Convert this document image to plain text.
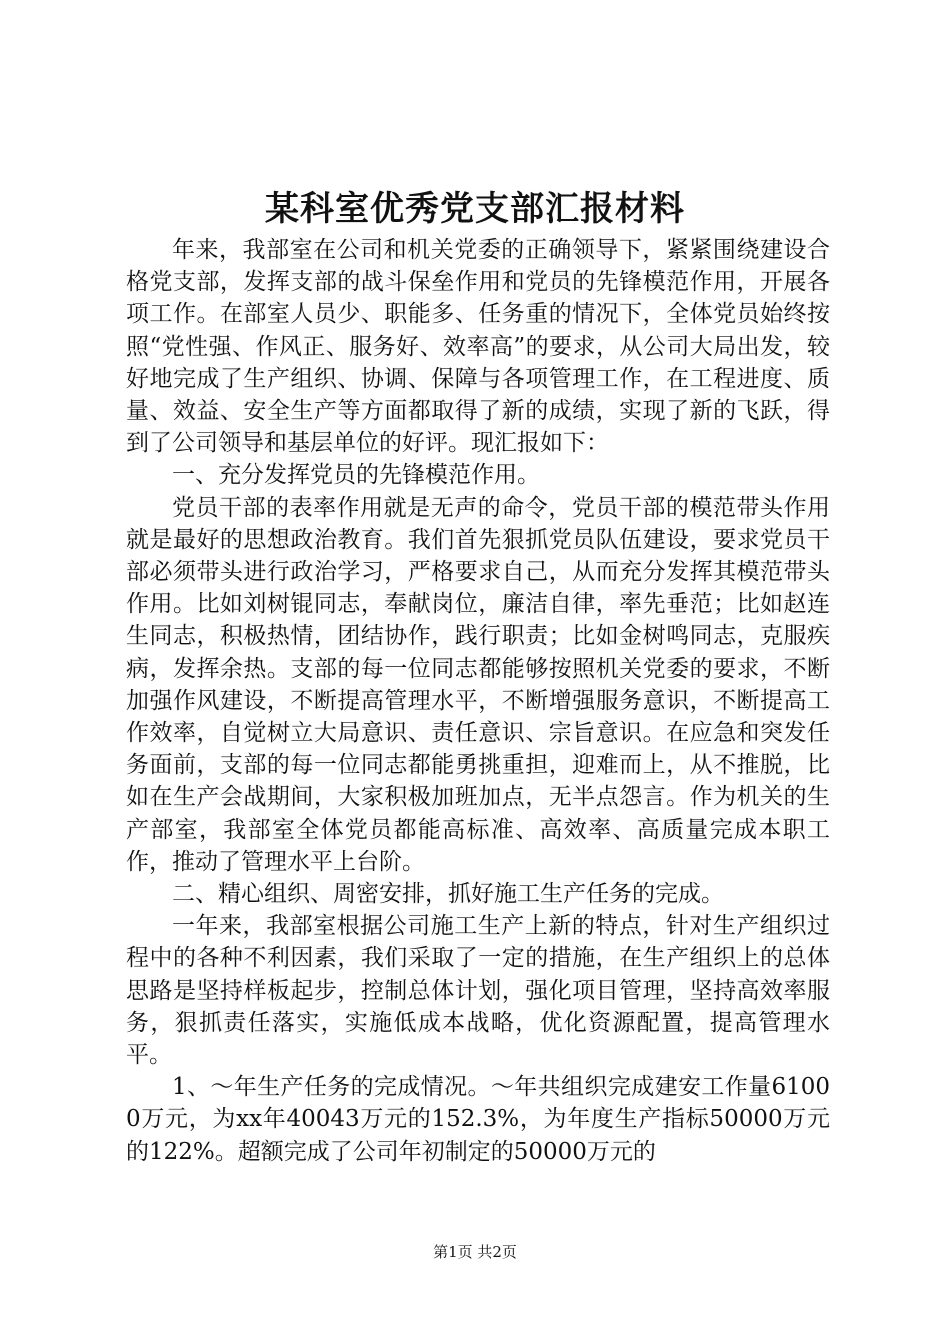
某科室优秀党支部汇报材料

年来，我部室在公司和机关党委的正确领导下，紧紧围绕建设合格党支部，发挥支部的战斗保垒作用和党员的先锋模范作用，开展各项工作。在部室人员少、职能多、任务重的情况下，全体党员始终按照“党性强、作风正、服务好、效率高”的要求，从公司大局出发，较好地完成了生产组织、协调、保障与各项管理工作，在工程进度、质量、效益、安全生产等方面都取得了新的成绩，实现了新的飞跃，得到了公司领导和基层单位的好评。现汇报如下：

一、充分发挥党员的先锋模范作用。

党员干部的表率作用就是无声的命令，党员干部的模范带头作用就是最好的思想政治教育。我们首先狠抓党员队伍建设，要求党员干部必须带头进行政治学习，严格要求自己，从而充分发挥其模范带头作用。比如刘树锟同志，奉献岗位，廉洁自律，率先垂范；比如赵连生同志，积极热情，团结协作，践行职责；比如金树鸣同志，克服疾病，发挥余热。支部的每一位同志都能够按照机关党委的要求，不断加强作风建设，不断提高管理水平，不断增强服务意识，不断提高工作效率，自觉树立大局意识、责任意识、宗旨意识。在应急和突发任务面前，支部的每一位同志都能勇挑重担，迎难而上，从不推脱，比如在生产会战期间，大家积极加班加点，无半点怨言。作为机关的生产部室，我部室全体党员都能高标准、高效率、高质量完成本职工作，推动了管理水平上台阶。

二、精心组织、周密安排，抓好施工生产任务的完成。

一年来，我部室根据公司施工生产上新的特点，针对生产组织过程中的各种不利因素，我们采取了一定的措施，在生产组织上的总体思路是坚持样板起步，控制总体计划，强化项目管理，坚持高效率服务，狠抓责任落实，实施低成本战略，优化资源配置，提高管理水平。

1、～年生产任务的完成情况。～年共组织完成建安工作量61000万元，为xx年40043万元的152.3%，为年度生产指标50000万元的122%。超额完成了公司年初制定的50000万元的

第1页 共2页
